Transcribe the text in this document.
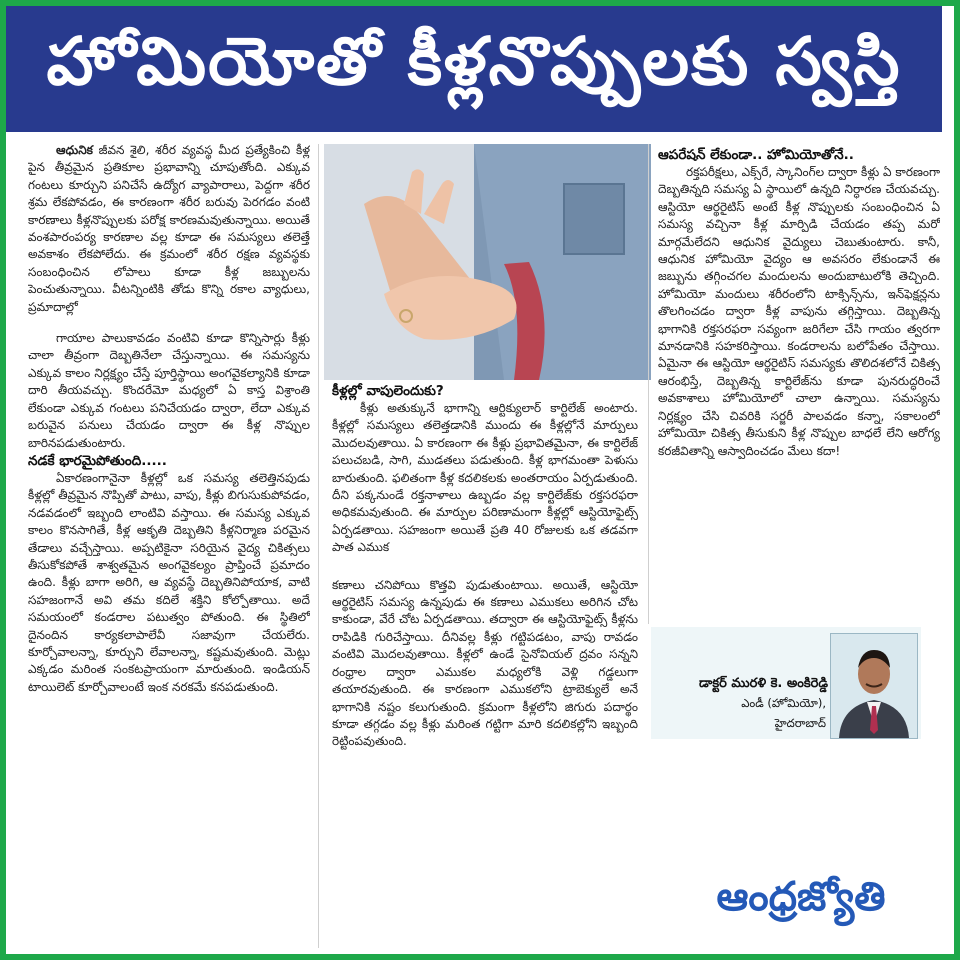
హోమియోతో కీళ్లనొప్పులకు స్వస్తి

ఆధునిక జీవన శైలి, శరీర వ్యవస్థ మీద ప్రత్యేకించి కీళ్ల పైన తీవ్రమైన ప్రతికూల ప్రభావాన్ని చూపుతోంది. ఎక్కువ గంటలు కూర్చుని పనిచేసే ఉద్యోగ వ్యాపారాలు, పెద్దగా శరీర శ్రమ లేకపోవడం, ఈ కారణంగా శరీర బరువు పెరగడం వంటి కారణాలు కీళ్లనొప్పులకు పరోక్ష కారణమవుతున్నాయి. అయితే వంశపారంపర్య కారణాల వల్ల కూడా ఈ సమస్యలు తలెత్తే అవకాశం లేకపోలేదు. ఈ క్రమంలో శరీర రక్షణ వ్యవస్థకు సంబంధించిన లోపాలు కూడా కీళ్ల జబ్బులను పెంచుతున్నాయి. వీటన్నింటికి తోడు కొన్ని రకాల వ్యాధులు, ప్రమాదాల్లో

గాయాల పాలుకావడం వంటివి కూడా కొన్నిసార్లు కీళ్లు చాలా తీవ్రంగా దెబ్బతినేలా చేస్తున్నాయి. ఈ సమస్యను ఎక్కువ కాలం నిర్లక్ష్యం చేస్తే పూర్తిస్థాయి అంగవైకల్యానికి కూడా దారి తీయవచ్చు. కొందరేమో మధ్యలో ఏ కాస్త విశ్రాంతి లేకుండా ఎక్కువ గంటలు పనిచేయడం ద్వారా, లేదా ఎక్కువ బరువైన పనులు చేయడం ద్వారా ఈ కీళ్ల నొప్పుల బారినపడుతుంటారు.

నడకే భారమైపోతుంది.....

ఏకారణంగానైనా కీళ్లల్లో ఒక సమస్య తలెత్తినపుడు కీళ్లల్లో తీవ్రమైన నొప్పితో పాటు, వాపు, కీళ్లు బిగుసుకుపోవడం, నడవడంలో ఇబ్బంది లాంటివి వస్తాయి. ఈ సమస్య ఎక్కువ కాలం కొనసాగితే, కీళ్ల ఆకృతి దెబ్బతిని కీళ్లనిర్మాణ పరమైన తేడాలు వచ్చేస్తాయి. అప్పటికైనా సరియైన వైద్య చికిత్సలు తీసుకోకపోతే శాశ్వతమైన అంగవైకల్యం ప్రాప్తించే ప్రమాదం ఉంది. కీళ్లు బాగా అరిగి, ఆ వ్యవస్థే దెబ్బతినిపోయాక, వాటి సహజంగానే అవి తమ కదిలే శక్తిని కోల్పోతాయి. అదే సమయంలో కండరాల పటుత్వం పోతుంది. ఈ స్థితిలో దైనందిన కార్యకలాపాలేవీ సజావుగా చేయలేరు. కూర్చోవాలన్నా, కూర్చుని లేవాలన్నా, కష్టమవుతుంది. మెట్లు ఎక్కడం మరింత సంకటప్రాయంగా మారుతుంది. ఇండియన్ టాయిలెట్ కూర్చోవాలంటే ఇంక నరకమే కనపడుతుంది.

కీళ్లల్లో వాపులెందుకు?

కీళ్లు అతుక్కునే భాగాన్ని ఆర్టిక్యులార్ కార్టిలేజ్ అంటారు. కీళ్లల్లో సమస్యలు తలెత్తడానికి ముందు ఈ కీళ్లల్లోనే మార్పులు మొదలవుతాయి. ఏ కారణంగా ఈ కీళ్లు ప్రభావితమైనా, ఈ కార్టిలేజ్ పలుచబడి, సాగి, ముడతలు పడుతుంది. కీళ్ల భాగమంతా పెళుసు బారుతుంది. ఫలితంగా కీళ్ల కదలికలకు అంతరాయం ఏర్పడుతుంది. దీని పక్కనుండే రక్తనాళాలు ఉబ్బడం వల్ల కార్టిలేజ్‌కు రక్తసరఫరా అధికమవుతుంది. ఈ మార్పుల పరిణామంగా కీళ్లల్లో ఆస్టియోఫైట్స్ ఏర్పడతాయి. సహజంగా అయితే ప్రతి 40 రోజులకు ఒక తడవగా పాత ఎముక

కణాలు చనిపోయి కొత్తవి పుడుతుంటాయి. అయితే, ఆస్టియో ఆర్థరైటిస్ సమస్య ఉన్నపుడు ఈ కణాలు ఎముకలు అరిగిన చోట కాకుండా, వేరే చోట ఏర్పడతాయి. తద్వారా ఈ ఆస్టియోఫైట్స్ కీళ్లను రాపిడికి గురిచేస్తాయి. దీనివల్ల కీళ్లు గట్టిపడటం, వాపు రావడం వంటివి మొదలవుతాయి. కీళ్లలో ఉండే సైనోవియల్ ద్రవం సన్నని రంధ్రాల ద్వారా ఎముకల మధ్యలోకి వెళ్లి గడ్డలుగా తయారవుతుంది. ఈ కారణంగా ఎముకలోని ట్రాబెక్యులే అనే భాగానికి నష్టం కలుగుతుంది. క్రమంగా కీళ్లలోని జిగురు పదార్థం కూడా తగ్గడం వల్ల కీళ్లు మరింత గట్టిగా మారి కదలికల్లోని ఇబ్బంది రెట్టింపవుతుంది.

ఆపరేషన్ లేకుండా.. హోమియోతోనే..

రక్తపరీక్షలు, ఎక్స్‌రే, స్కానింగ్‌ల ద్వారా కీళ్లు ఏ కారణంగా దెబ్బతిన్నది సమస్య ఏ స్థాయిలో ఉన్నది నిర్ధారణ చేయవచ్చు. ఆస్టియో ఆర్థరైటిస్ అంటే కీళ్ల నొప్పులకు సంబంధించిన ఏ సమస్య వచ్చినా కీళ్ల మార్పిడి చేయడం తప్ప మరో మార్గమేలేదని ఆధునిక వైద్యులు చెబుతుంటారు. కానీ, ఆధునిక హోమియో వైద్యం ఆ అవసరం లేకుండానే ఈ జబ్బును తగ్గించగల మందులను అందుబాటులోకి తెచ్చింది. హోమియో మందులు శరీరంలోని టాక్సిన్స్‌ను, ఇన్‌ఫెక్షన్లను తొలగించడం ద్వారా కీళ్ల వాపును తగ్గిస్తాయి. దెబ్బతిన్న భాగానికి రక్తసరఫరా సవ్యంగా జరిగేలా చేసి గాయం త్వరగా మానడానికి సహకరిస్తాయి. కండరాలను బలోపేతం చేస్తాయి. ఏమైనా ఈ ఆస్టియో ఆర్థరైటిస్ సమస్యకు తొలిదశలోనే చికిత్స ఆరంభిస్తే, దెబ్బతిన్న కార్టిలేజ్‌ను కూడా పునరుద్ధరించే అవకాశాలు హోమియోలో చాలా ఉన్నాయి. సమస్యను నిర్లక్ష్యం చేసి చివరికి సర్జరీ పాలవడం కన్నా, సకాలంలో హోమియో చికిత్స తీసుకుని కీళ్ల నొప్పుల బాధలే లేని ఆరోగ్య కరజీవితాన్ని ఆస్వాదించడం మేలు కదా!

డాక్టర్ మురళి కె. అంకిరెడ్డి
ఎండీ (హోమియో),
హైదరాబాద్
ఆంధ్రజ్యోతి
